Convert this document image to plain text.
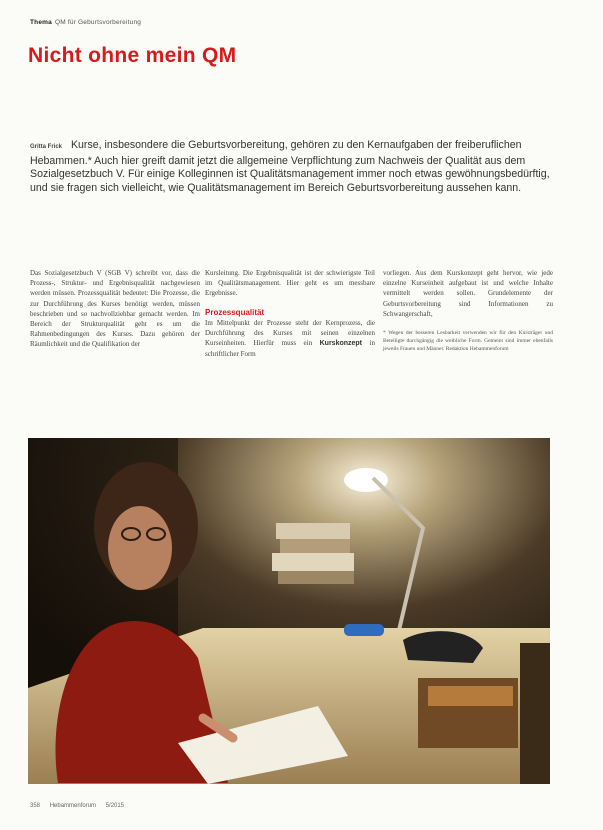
Thema QM für Geburtsvorbereitung
Nicht ohne mein QM

Gritta Frick Kurse, insbesondere die Geburtsvorbereitung, gehören zu den Kernaufgaben der freiberuflichen Hebammen.* Auch hier greift damit jetzt die allgemeine Verpflichtung zum Nachweis der Qualität aus dem Sozialgesetzbuch V. Für einige Kolleginnen ist Qualitätsmanagement immer noch etwas gewöhnungsbedürftig, und sie fragen sich vielleicht, wie Qualitätsmanagement im Bereich Geburtsvorbereitung aussehen kann.

Das Sozialgesetzbuch V (SGB V) schreibt vor, dass die Prozess-, Struktur- und Ergebnisqualität nachgewiesen werden müssen. Prozessqualität bedeutet: Die Prozesse, die zur Durchführung des Kurses benötigt werden, müssen beschrieben und so nachvollziehbar gemacht werden. Im Bereich der Strukturqualität geht es um die Rahmenbedingungen des Kurses. Dazu gehören der Räumlichkeit und die Qualifikation der

Kursleitung. Die Ergebnisqualität ist der schwierigste Teil im Qualitätsmanagement. Hier geht es um messbare Ergebnisse.

Prozessqualität

Im Mittelpunkt der Prozesse steht der Kernprozess, die Durchführung des Kurses mit seinen einzelnen Kurseinheiten. Hierfür muss ein Kurskonzept in schriftlicher Form
vorliegen. Aus dem Kurskonzept geht hervor, wie jede einzelne Kurseinheit aufgebaut ist und welche Inhalte vermittelt werden sollen. Grundelemente der Geburtsvorbereitung sind Informationen zu Schwangerschaft,

* Wegen der besseren Lesbarkeit verwenden wir für den Kursträger und Beteiligte durchgängig die weibliche Form. Gemeint sind immer ebenfalls jeweils Frauen und Männer. Redaktion Hebammenforum

358 Hebammenforum 5/2015
